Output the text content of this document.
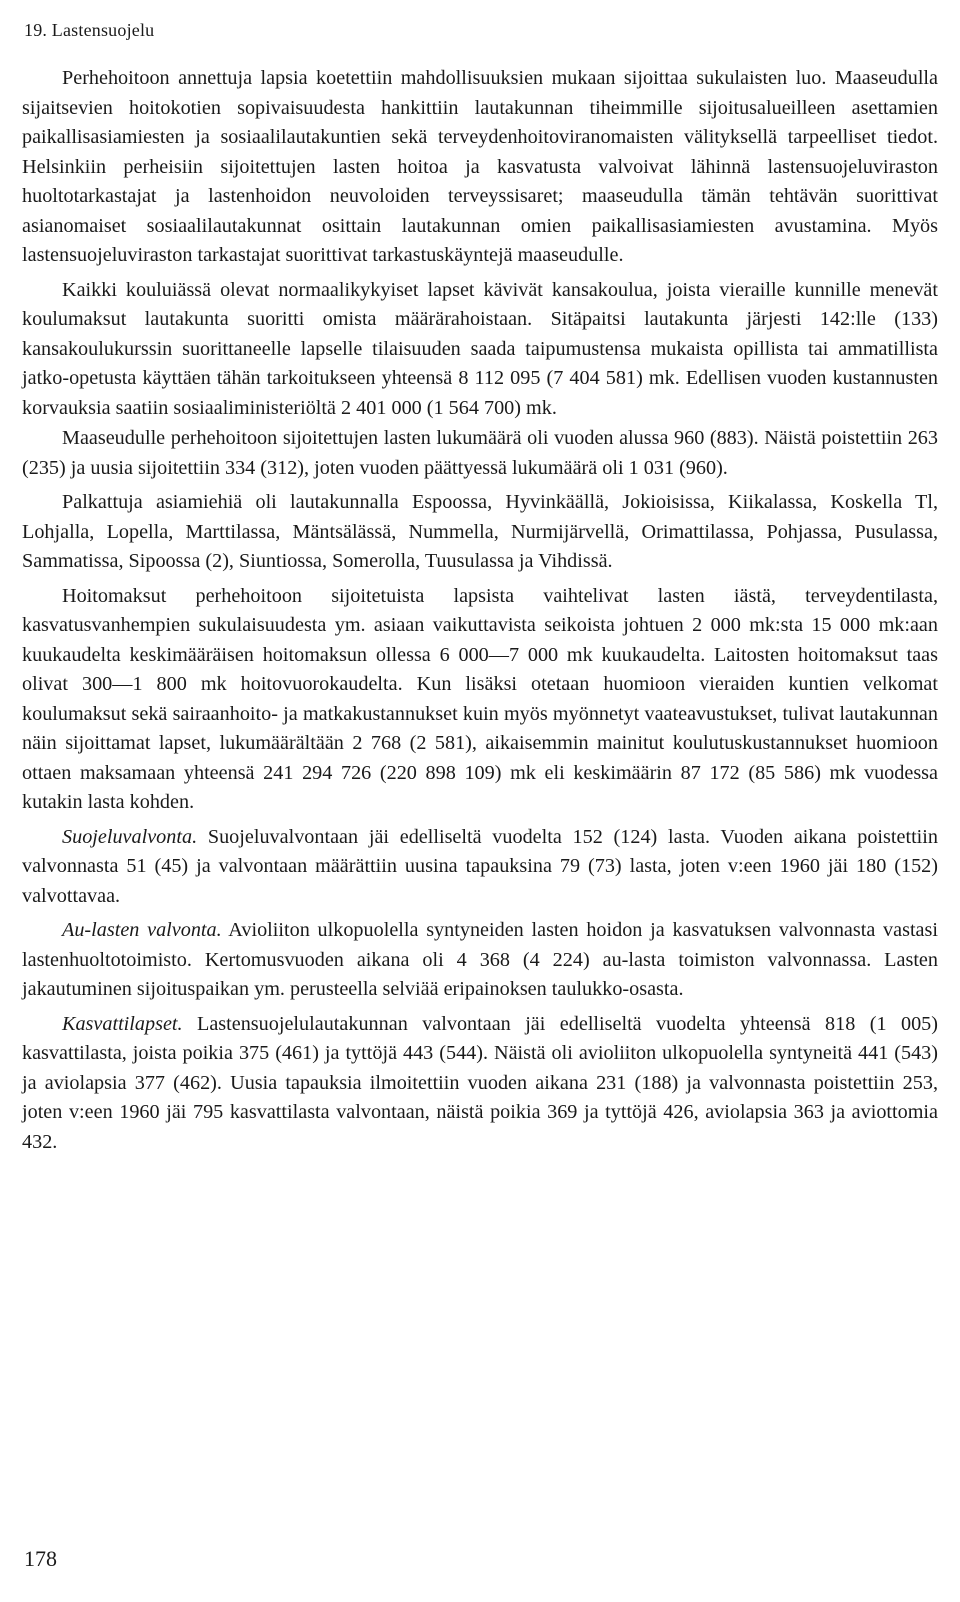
19. Lastensuojelu

Perhehoitoon annettuja lapsia koetettiin mahdollisuuksien mukaan sijoittaa sukulaisten luo. Maaseudulla sijaitsevien hoitokotien sopivaisuudesta hankittiin lautakunnan tiheimmille sijoitusalueilleen asettamien paikallisasiamiesten ja sosiaalilautakuntien sekä terveydenhoitoviranomaisten välityksellä tarpeelliset tiedot. Helsinkiin perheisiin sijoitettujen lasten hoitoa ja kasvatusta valvoivat lähinnä lastensuojeluviraston huoltotarkastajat ja lastenhoidon neuvoloiden terveyssisaret; maaseudulla tämän tehtävän suorittivat asianomaiset sosiaalilautakunnat osittain lautakunnan omien paikallisasiamiesten avustamina. Myös lastensuojeluviraston tarkastajat suorittivat tarkastuskäyntejä maaseudulle.

Kaikki kouluiässä olevat normaalikykyiset lapset kävivät kansakoulua, joista vieraille kunnille menevät koulumaksut lautakunta suoritti omista määrärahoistaan. Sitäpaitsi lautakunta järjesti 142:lle (133) kansakoulukurssin suorittaneelle lapselle tilaisuuden saada taipumustensa mukaista opillista tai ammatillista jatko-opetusta käyttäen tähän tarkoitukseen yhteensä 8 112 095 (7 404 581) mk. Edellisen vuoden kustannusten korvauksia saatiin sosiaaliministeriöltä 2 401 000 (1 564 700) mk.

Maaseudulle perhehoitoon sijoitettujen lasten lukumäärä oli vuoden alussa 960 (883). Näistä poistettiin 263 (235) ja uusia sijoitettiin 334 (312), joten vuoden päättyessä lukumäärä oli 1 031 (960).

Palkattuja asiamiehiä oli lautakunnalla Espoossa, Hyvinkäällä, Jokioisissa, Kiikalassa, Koskella Tl, Lohjalla, Lopella, Marttilassa, Mäntsälässä, Nummella, Nurmijärvellä, Orimattilassa, Pohjassa, Pusulassa, Sammatissa, Sipoossa (2), Siuntiossa, Somerolla, Tuusulassa ja Vihdissä.

Hoitomaksut perhehoitoon sijoitetuista lapsista vaihtelivat lasten iästä, terveydentilasta, kasvatusvanhempien sukulaisuudesta ym. asiaan vaikuttavista seikoista johtuen 2 000 mk:sta 15 000 mk:aan kuukaudelta keskimääräisen hoitomaksun ollessa 6 000—7 000 mk kuukaudelta. Laitosten hoitomaksut taas olivat 300—1 800 mk hoitovuorokaudelta. Kun lisäksi otetaan huomioon vieraiden kuntien velkomat koulumaksut sekä sairaanhoito- ja matkakustannukset kuin myös myönnetyt vaateavustukset, tulivat lautakunnan näin sijoittamat lapset, lukumäärältään 2 768 (2 581), aikaisemmin mainitut koulutuskustannukset huomioon ottaen maksamaan yhteensä 241 294 726 (220 898 109) mk eli keskimäärin 87 172 (85 586) mk vuodessa kutakin lasta kohden.

Suojeluvalvonta. Suojeluvalvontaan jäi edelliseltä vuodelta 152 (124) lasta. Vuoden aikana poistettiin valvonnasta 51 (45) ja valvontaan määrättiin uusina tapauksina 79 (73) lasta, joten v:een 1960 jäi 180 (152) valvottavaa.

Au-lasten valvonta. Avioliiton ulkopuolella syntyneiden lasten hoidon ja kasvatuksen valvonnasta vastasi lastenhuoltotoimisto. Kertomusvuoden aikana oli 4 368 (4 224) au-lasta toimiston valvonnassa. Lasten jakautuminen sijoituspaikan ym. perusteella selviää eripainoksen taulukko-osasta.

Kasvattilapset. Lastensuojelulautakunnan valvontaan jäi edelliseltä vuodelta yhteensä 818 (1 005) kasvattilasta, joista poikia 375 (461) ja tyttöjä 443 (544). Näistä oli avioliiton ulkopuolella syntyneitä 441 (543) ja aviolapsia 377 (462). Uusia tapauksia ilmoitettiin vuoden aikana 231 (188) ja valvonnasta poistettiin 253, joten v:een 1960 jäi 795 kasvattilasta valvontaan, näistä poikia 369 ja tyttöjä 426, aviolapsia 363 ja aviottomia 432.

178
